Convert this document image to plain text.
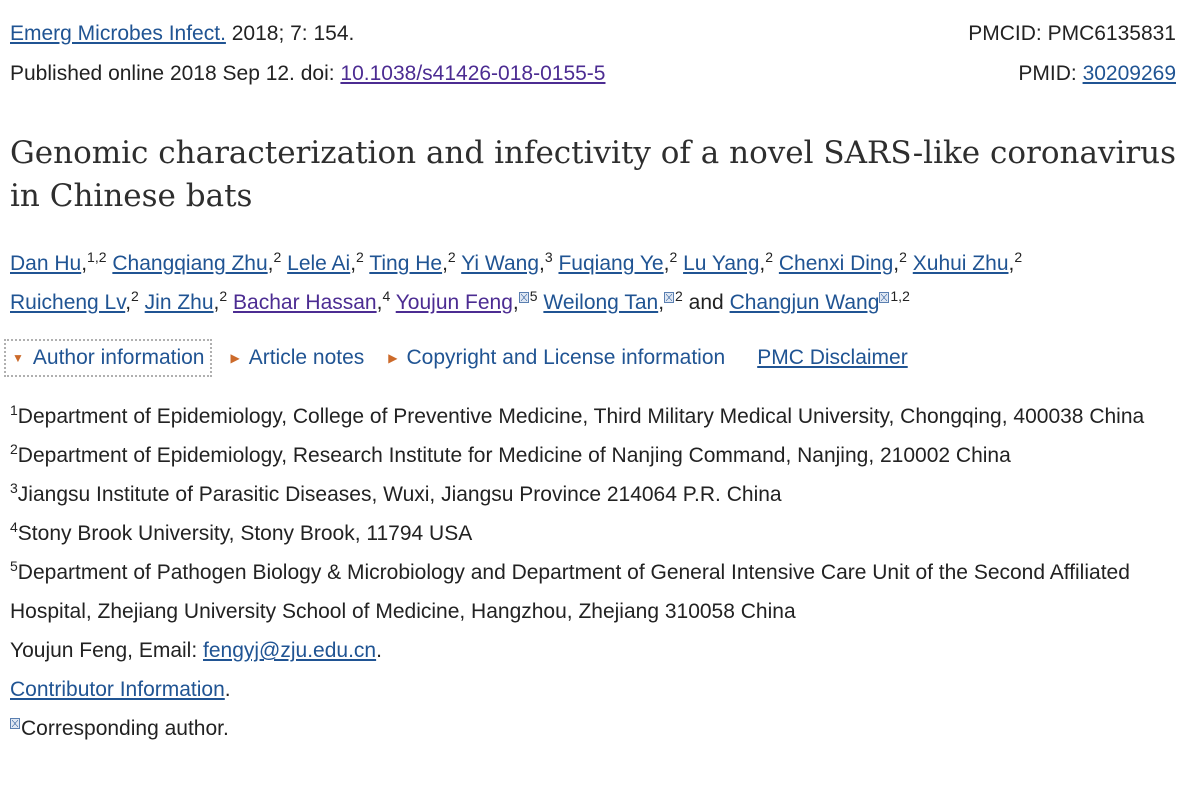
Emerg Microbes Infect. 2018; 7: 154.	PMCID: PMC6135831
Published online 2018 Sep 12. doi: 10.1038/s41426-018-0155-5	PMID: 30209269
Genomic characterization and infectivity of a novel SARS-like coronavirus in Chinese bats
Dan Hu,$^{1,2}$ Changqiang Zhu,$^2$ Lele Ai,$^2$ Ting He,$^2$ Yi Wang,$^3$ Fuqiang Ye,$^2$ Lu Yang,$^2$ Chenxi Ding,$^2$ Xuhui Zhu,$^2$
Ruicheng Lv,$^2$ Jin Zhu,$^2$ Bachar Hassan,$^4$ Youjun Feng, $^5$ Weilong Tan, $^2$ and Changjun Wang $^{1,2}$
▼ Author information ▶ Article notes ▶ Copyright and License information PMC Disclaimer

$^1$Department of Epidemiology, College of Preventive Medicine, Third Military Medical University, Chongqing, 400038 China

$^2$Department of Epidemiology, Research Institute for Medicine of Nanjing Command, Nanjing, 210002 China

$^3$Jiangsu Institute of Parasitic Diseases, Wuxi, Jiangsu Province 214064 P.R. China

$^4$Stony Brook University, Stony Brook, 11794 USA

$^5$Department of Pathogen Biology & Microbiology and Department of General Intensive Care Unit of the Second Affiliated Hospital, Zhejiang University School of Medicine, Hangzhou, Zhejiang 310058 China

Youjun Feng, Email: fengyj@zju.edu.cn.

Contributor Information.

Corresponding author.
